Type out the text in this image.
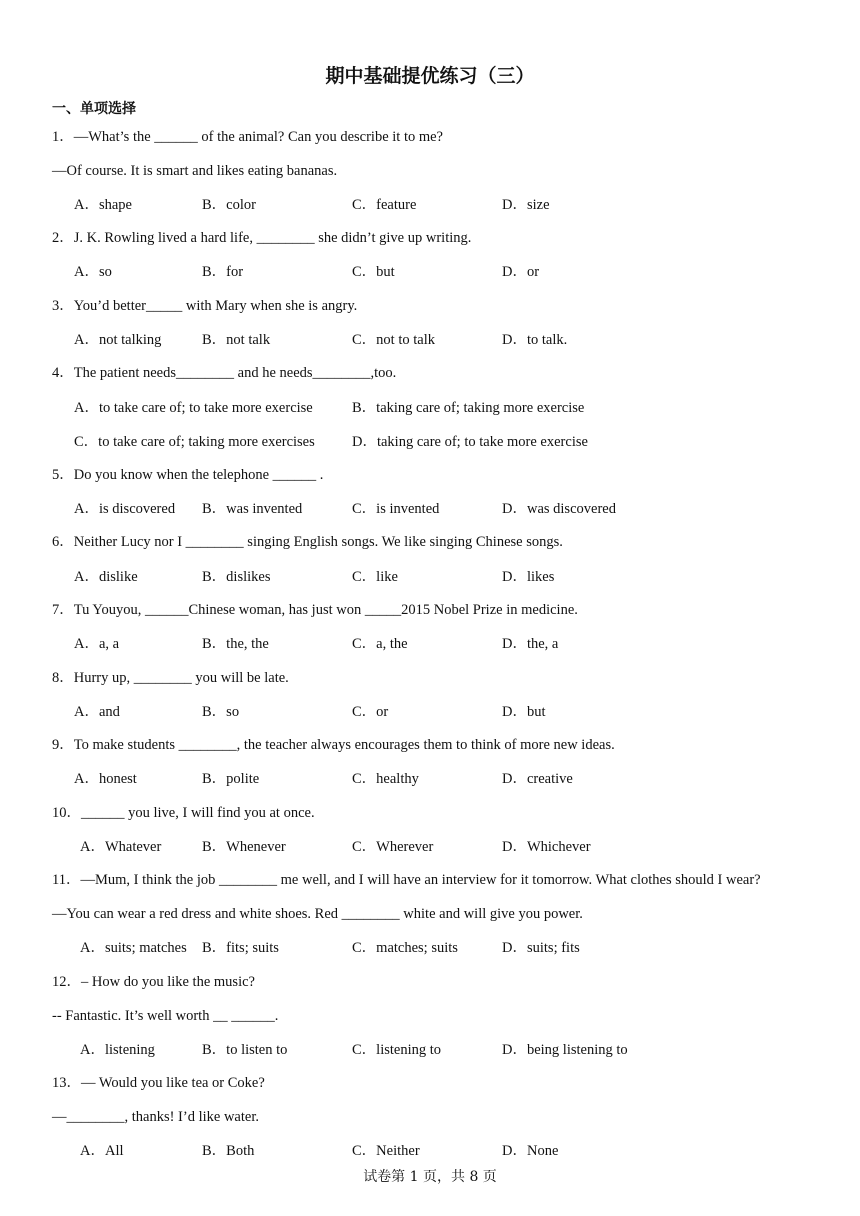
期中基础提优练习（三）
一、单项选择
1．—What’s the ______ of the animal? Can you describe it to me?
—Of course. It is smart and likes eating bananas.
A．shape	B．color	C．feature	D．size
2．J. K. Rowling lived a hard life, ________ she didn’t give up writing.
A．so	B．for	C．but	D．or
3．You’d better_____ with Mary when she is angry.
A．not talking	B．not talk	C．not to talk	D．to talk.
4．The patient needs________ and he needs________,too.
A．to take care of; to take more exercise	B．taking care of; taking more exercise
C．to take care of; taking more exercises	D．taking care of; to take more exercise
5．Do you know when the telephone ______ .
A．is discovered B．was invented	C．is invented	D．was discovered
6．Neither Lucy nor I ________ singing English songs. We like singing Chinese songs.
A．dislike	B．dislikes	C．like	D．likes
7．Tu Youyou, ______Chinese woman, has just won _____2015 Nobel Prize in medicine.
A．a, a	B．the, the	C．a, the	D．the, a
8．Hurry up, ________ you will be late.
A．and	B．so	C．or	D．but
9．To make students ________, the teacher always encourages them to think of more new ideas.
A．honest	B．polite	C．healthy	D．creative
10．______ you live, I will find you at once.
A．Whatever	B．Whenever	C．Wherever	D．Whichever
11．—Mum, I think the job ________ me well, and I will have an interview for it tomorrow. What clothes should I wear?
—You can wear a red dress and white shoes. Red ________ white and will give you power.
A．suits; matches B．fits; suits	C．matches; suits	D．suits; fits
12．– How do you like the music?
-- Fantastic. It’s well worth __ ______.
A．listening	B．to listen to	C．listening to	D．being listening to
13．— Would you like tea or Coke?
—________, thanks! I’d like water.
A．All	B．Both	C．Neither	D．None
试卷第 1 页，共 8 页
